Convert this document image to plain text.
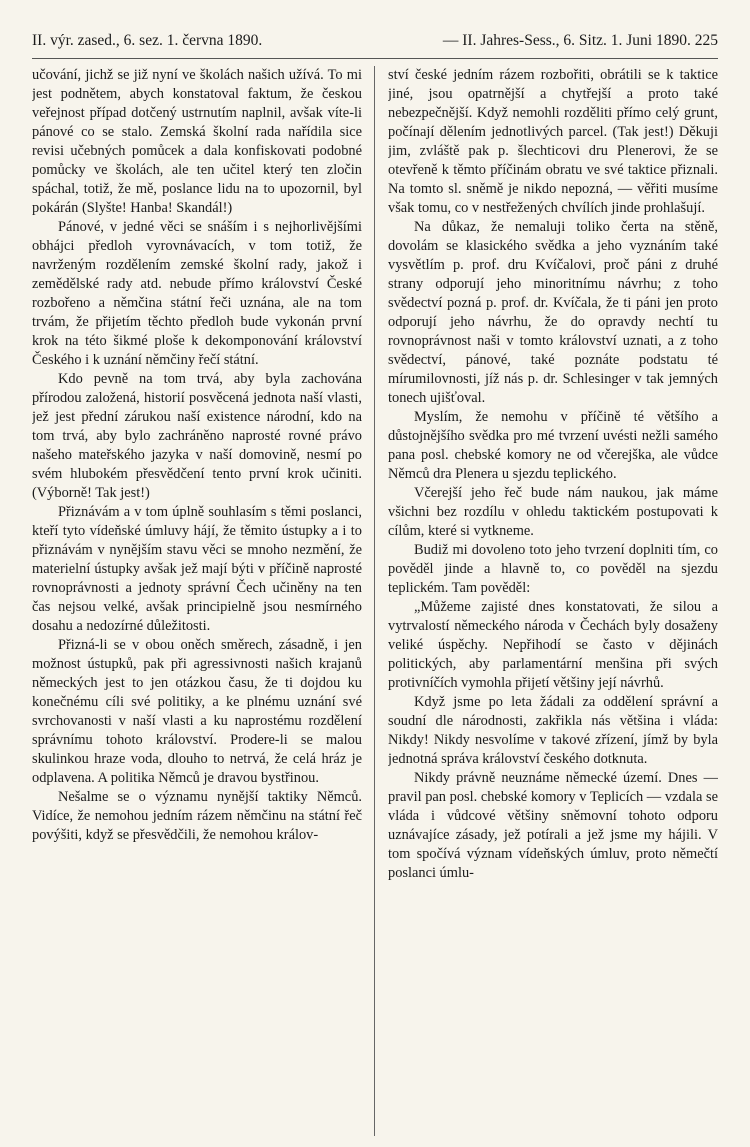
II. výr. zased., 6. sez. 1. června 1890.	— II. Jahres-Sess., 6. Sitz. 1. Juni 1890. 225

učování, jichž se již nyní ve školách našich užívá. To mi jest podnětem, abych konstatoval faktum, že českou veřejnost případ dotčený ustrnutím naplnil, avšak víte-li pánové co se stalo. Zemská školní rada nařídila sice revisi učebných pomůcek a dala konfiskovati podobné pomůcky ve školách, ale ten učitel který ten zločin spáchal, totiž, že mě, poslance lidu na to upozornil, byl pokárán (Slyšte! Hanba! Skandál!)

Pánové, v jedné věci se snáším i s nejhorlivějšími obhájci předloh vyrovnávacích, v tom totiž, že navrženým rozdělením zemské školní rady, jakož i zemědělské rady atd. nebude přímo království České rozbořeno a němčina státní řeči uznána, ale na tom trvám, že přijetím těchto předloh bude vykonán první krok na této šikmé ploše k dekomponování království Českého i k uznání němčiny řečí státní.

Kdo pevně na tom trvá, aby byla zachována přírodou založená, historií posvěcená jednota naší vlasti, jež jest přední zárukou naší existence národní, kdo na tom trvá, aby bylo zachráněno naprosté rovné právo našeho mateřského jazyka v naší domovině, nesmí po svém hlubokém přesvědčení tento první krok učiniti. (Výborně! Tak jest!)

Přiznávám a v tom úplně souhlasím s těmi poslanci, kteří tyto vídeňské úmluvy hájí, že těmito ústupky a i to přiznávám v nynějším stavu věci se mnoho nezmění, že materielní ústupky avšak jež mají býti v příčině naprosté rovnoprávnosti a jednoty správní Čech učiněny na ten čas nejsou velké, avšak principielně jsou nesmírného dosahu a nedozírné důležitosti.

Přizná-li se v obou oněch směrech, zásadně, i jen možnost ústupků, pak při agressivnosti našich krajanů německých jest to jen otázkou času, že ti dojdou ku konečnému cíli své politiky, a ke plnému uznání své svrchovanosti v naší vlasti a ku naprostému rozdělení správnímu tohoto království. Prodere-li se malou skulinkou hraze voda, dlouho to netrvá, že celá hráz je odplavena. A politika Němců je dravou bystřinou.

Nešalme se o významu nynější taktiky Němců. Vidíce, že nemohou jedním rázem němčinu na státní řeč povýšiti, když se přesvědčili, že nemohou králov-

ství české jedním rázem rozbořiti, obrátili se k taktice jiné, jsou opatrnější a chytřejší a proto také nebezpečnější. Když nemohli rozděliti přímo celý grunt, počínají dělením jednotlivých parcel. (Tak jest!) Děkuji jim, zvláště pak p. šlechticovi dru Plenerovi, že se otevřeně k těmto příčinám obratu ve své taktice přiznali. Na tomto sl. sněmě je nikdo nepozná, — věřiti musíme však tomu, co v nestřežených chvílích jinde prohlašují.

Na důkaz, že nemaluji toliko čerta na stěně, dovolám se klasického svědka a jeho vyznáním také vysvětlím p. prof. dru Kvíčalovi, proč páni z druhé strany odporují jeho minoritnímu návrhu; z toho svědectví pozná p. prof. dr. Kvíčala, že ti páni jen proto odporují jeho návrhu, že do opravdy nechtí tu rovnoprávnost naši v tomto království uznati, a z toho svědectví, pánové, také poznáte podstatu té mírumilovnosti, jíž nás p. dr. Schlesinger v tak jemných tonech ujišťoval.

Myslím, že nemohu v příčině té většího a důstojnějšího svědka pro mé tvrzení uvésti nežli samého pana posl. chebské komory ne od včerejška, ale vůdce Němců dra Plenera u sjezdu teplického.

Včerejší jeho řeč bude nám naukou, jak máme všichni bez rozdílu v ohledu taktickém postupovati k cílům, které si vytkneme.

Budiž mi dovoleno toto jeho tvrzení doplniti tím, co pověděl jinde a hlavně to, co pověděl na sjezdu teplickém. Tam pověděl:

„Můžeme zajisté dnes konstatovati, že silou a vytrvalostí německého národa v Čechách byly dosaženy veliké úspěchy. Nepřihodí se často v dějinách politických, aby parlamentární menšina při svých protivníčích vymohla přijetí většiny její návrhů.

Když jsme po leta žádali za oddělení správní a soudní dle národnosti, zakřikla nás většina i vláda: Nikdy! Nikdy nesvolíme v takové zřízení, jímž by byla jednotná správa království českého dotknuta.

Nikdy právně neuznáme německé území. Dnes — pravil pan posl. chebské komory v Teplicích — vzdala se vláda i vůdcové většiny sněmovní tohoto odporu uznávajíce zásady, jež potírali a jež jsme my hájili. V tom spočívá význam vídeňských úmluv, proto němečtí poslanci úmlu-
